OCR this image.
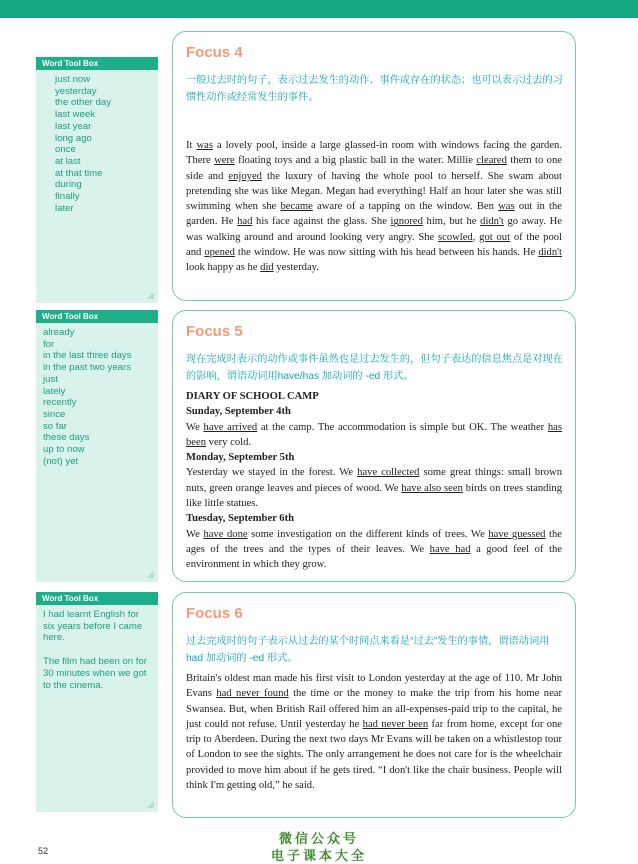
Word Tool Box
just now
yesterday
the other day
last week
last year
long ago
once
at last
at that time
during
finally
later
Word Tool Box
already
for
in the last three days
in the past two years
just
lately
recently
since
so far
these days
up to now
(not) yet
Word Tool Box

I had learnt English for six years before I came here.

The film had been on for 30 minutes when we got to the cinema.

Focus 4
一般过去时的句子，表示过去发生的动作、事件或存在的状态；也可以表示过去的习惯性动作或经常发生的事件。

It was a lovely pool, inside a large glassed-in room with windows facing the garden. There were floating toys and a big plastic ball in the water. Millie cleared them to one side and enjoyed the luxury of having the whole pool to herself. She swam about pretending she was like Megan. Megan had everything! Half an hour later she was still swimming when she became aware of a tapping on the window. Ben was out in the garden. He had his face against the glass. She ignored him, but he didn't go away. He was walking around and around looking very angry. She scowled, got out of the pool and opened the window. He was now sitting with his head between his hands. He didn't look happy as he did yesterday.

Focus 5
现在完成时表示的动作或事件虽然也是过去发生的，但句子表达的信息焦点是对现在的影响，谓语动词用have/has 加动词的 -ed 形式。

DIARY OF SCHOOL CAMP

Sunday, September 4th

We have arrived at the camp. The accommodation is simple but OK. The weather has been very cold.

Monday, September 5th

Yesterday we stayed in the forest. We have collected some great things: small brown nuts, green orange leaves and pieces of wood. We have also seen birds on trees standing like little statues.

Tuesday, September 6th

We have done some investigation on the different kinds of trees. We have guessed the ages of the trees and the types of their leaves. We have had a good feel of the environment in which they grow.

Focus 6
过去完成时的句子表示从过去的某个时间点来看是“过去”发生的事情，谓语动词用had 加动词的 -ed 形式。

Britain's oldest man made his first visit to London yesterday at the age of 110. Mr John Evans had never found the time or the money to make the trip from his home near Swansea. But, when British Rail offered him an all-expenses-paid trip to the capital, he just could not refuse. Until yesterday he had never been far from home, except for one trip to Aberdeen. During the next two days Mr Evans will be taken on a whistlestop tour of London to see the sights. The only arrangement he does not care for is the wheelchair provided to move him about if he gets tired. “I don't like the chair business. People will think I'm getting old,” he said.

52
微信公众号
电子课本大全
